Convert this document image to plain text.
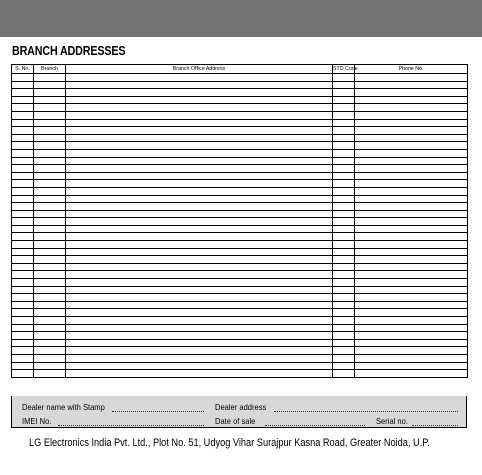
BRANCH ADDRESSES
S. No.	Branch	Branch Office Address	STD Code	Phone No.

Dealer name with Stamp	Dealer address
IMEI No.	Date of sale	Serial no.
LG Electronics India Pvt. Ltd., Plot No. 51, Udyog Vihar Surajpur Kasna Road, Greater Noida, U.P.
